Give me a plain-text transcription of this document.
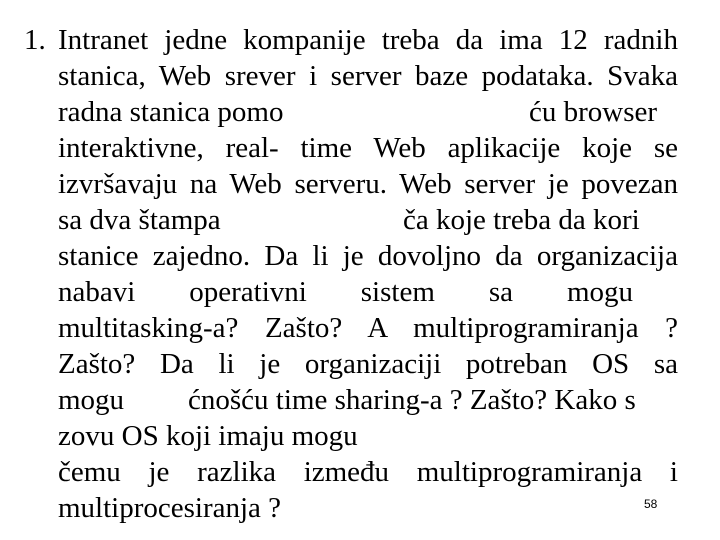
1. Intranet jedne kompanije treba da ima 12 radnih
stanica, Web srever i server baze podataka. Svaka
radna stanica pomo	ću browser
interaktivne, real- time Web aplikacije koje se
izvršavaju na Web serveru. Web server je povezan
sa dva štampa	ča koje treba da kori
stanice zajedno. Da li je dovoljno da organizacija
nabavi operativni sistem sa mogu
multitasking-a? Zašto? A multiprogramiranja ?
Zašto? Da li je organizaciji potreban OS sa
mogu ćnošću time sharing-a ? Zašto? Kako s
zovu OS koji imaju mogu
čemu je razlika između multiprogramiranja i
multiprocesiranja ?	58
